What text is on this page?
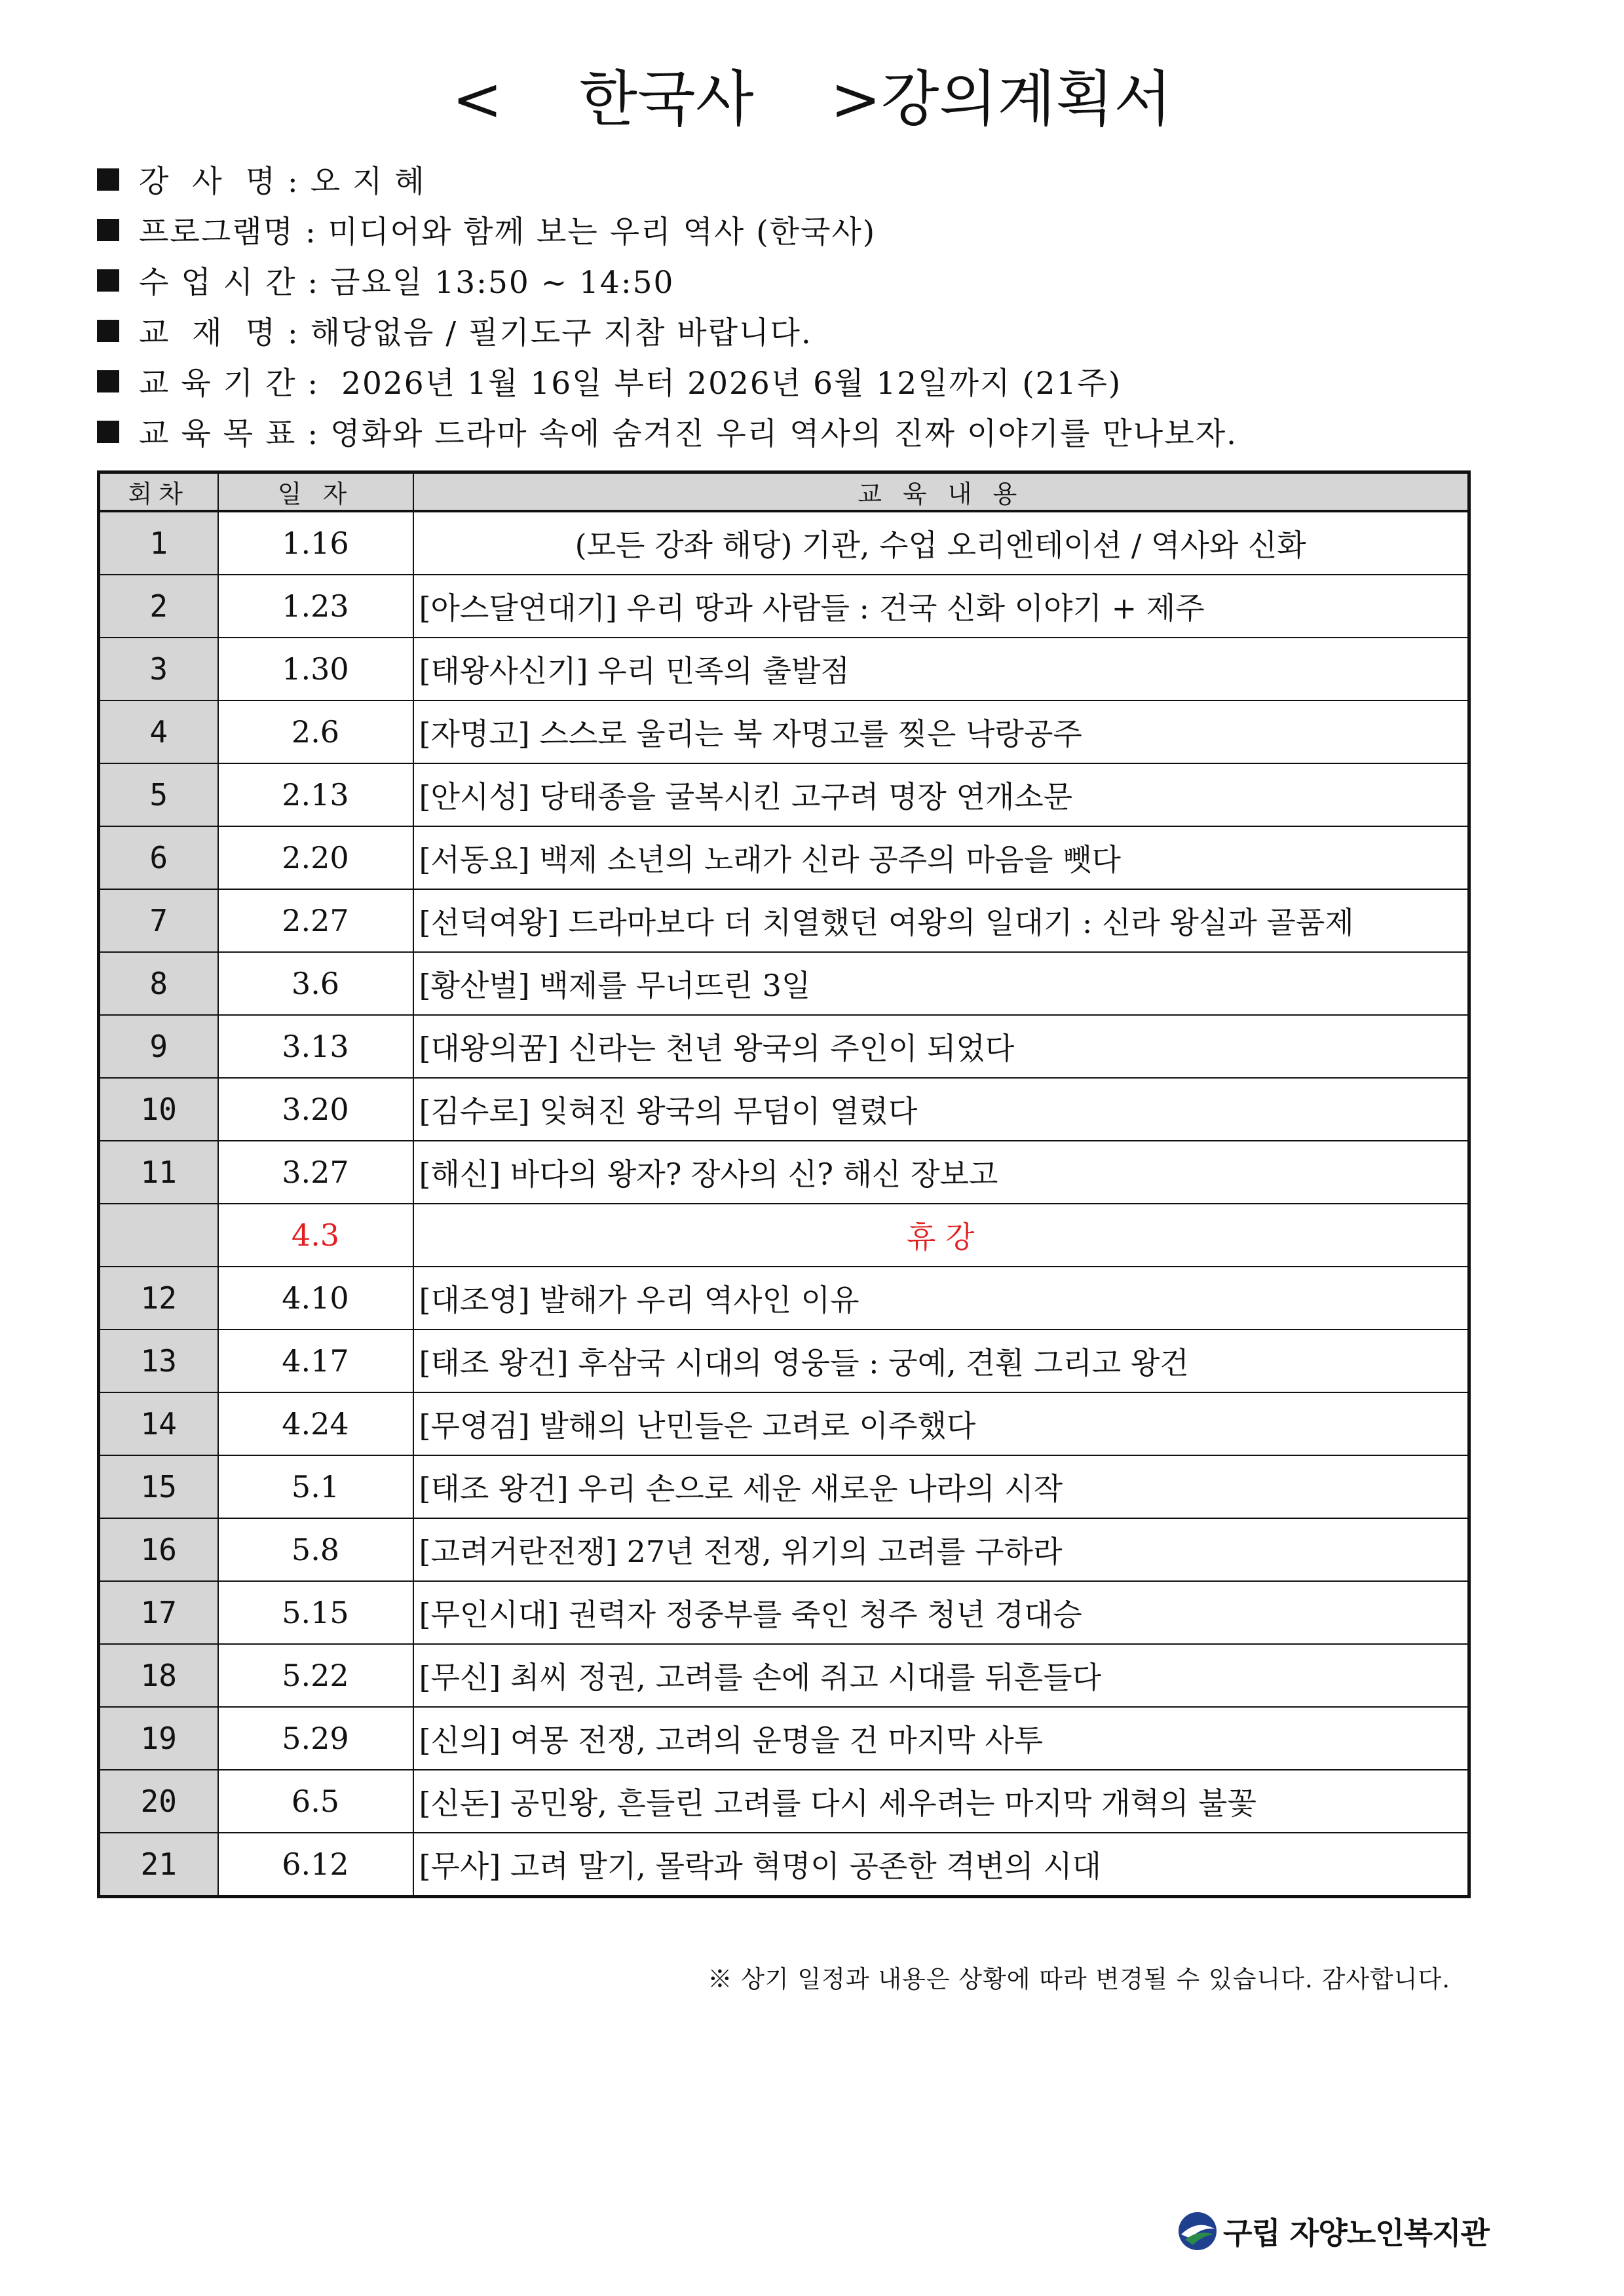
<    한국사    >강의계획서
강  사  명 : 오 지 혜
프로그램명 : 미디어와 함께 보는 우리 역사 (한국사)
수 업 시 간 : 금요일 13:50 ~ 14:50
교  재  명 : 해당없음 / 필기도구 지참 바랍니다.
교 육 기 간 : 2026년 1월 16일 부터 2026년 6월 12일까지 (21주)
교 육 목 표 : 영화와 드라마 속에 숨겨진 우리 역사의 진짜 이야기를 만나보자.
회차	일 자	교 육 내 용
1	1.16	(모든 강좌 해당) 기관, 수업 오리엔테이션 / 역사와 신화
2	1.23	[아스달연대기] 우리 땅과 사람들 : 건국 신화 이야기 + 제주
3	1.30	[태왕사신기] 우리 민족의 출발점
4	2.6	[자명고] 스스로 울리는 북 자명고를 찢은 낙랑공주
5	2.13	[안시성] 당태종을 굴복시킨 고구려 명장 연개소문
6	2.20	[서동요] 백제 소년의 노래가 신라 공주의 마음을 뺏다
7	2.27	[선덕여왕] 드라마보다 더 치열했던 여왕의 일대기 : 신라 왕실과 골품제
8	3.6	[황산벌] 백제를 무너뜨린 3일
9	3.13	[대왕의꿈] 신라는 천년 왕국의 주인이 되었다
10	3.20	[김수로] 잊혀진 왕국의 무덤이 열렸다
11	3.27	[해신] 바다의 왕자? 장사의 신? 해신 장보고
	4.3	휴 강
12	4.10	[대조영] 발해가 우리 역사인 이유
13	4.17	[태조 왕건] 후삼국 시대의 영웅들 : 궁예, 견훤 그리고 왕건
14	4.24	[무영검] 발해의 난민들은 고려로 이주했다
15	5.1	[태조 왕건] 우리 손으로 세운 새로운 나라의 시작
16	5.8	[고려거란전쟁] 27년 전쟁, 위기의 고려를 구하라
17	5.15	[무인시대] 권력자 정중부를 죽인 청주 청년 경대승
18	5.22	[무신] 최씨 정권, 고려를 손에 쥐고 시대를 뒤흔들다
19	5.29	[신의] 여몽 전쟁, 고려의 운명을 건 마지막 사투
20	6.5	[신돈] 공민왕, 흔들린 고려를 다시 세우려는 마지막 개혁의 불꽃
21	6.12	[무사] 고려 말기, 몰락과 혁명이 공존한 격변의 시대
※ 상기 일정과 내용은 상황에 따라 변경될 수 있습니다. 감사합니다.
구립 자양노인복지관
